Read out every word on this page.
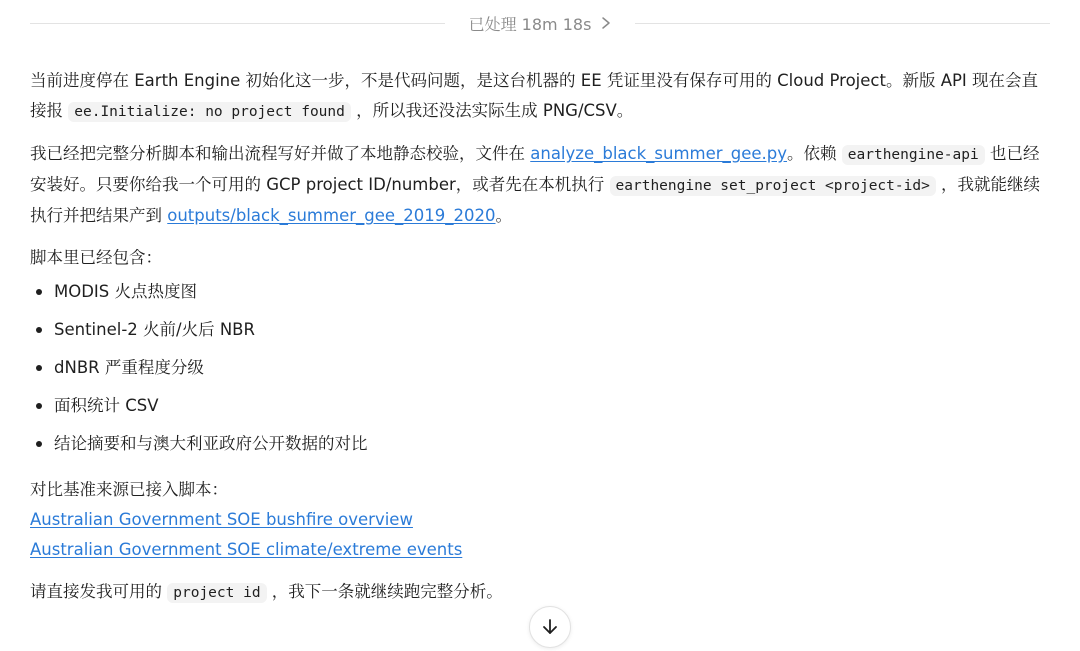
已处理 18m 18s

当前进度停在 Earth Engine 初始化这一步，不是代码问题，是这台机器的 EE 凭证里没有保存可用的 Cloud Project。新版 API 现在会直接报 ee.Initialize: no project found ，所以我还没法实际生成 PNG/CSV。

我已经把完整分析脚本和输出流程写好并做了本地静态校验，文件在 analyze_black_summer_gee.py。依赖 earthengine-api 也已经安装好。只要你给我一个可用的 GCP project ID/number，或者先在本机执行 earthengine set_project <project-id> ，我就能继续执行并把结果产到 outputs/black_summer_gee_2019_2020。

脚本里已经包含：

MODIS 火点热度图
Sentinel-2 火前/火后 NBR
dNBR 严重程度分级
面积统计 CSV
结论摘要和与澳大利亚政府公开数据的对比
对比基准来源已接入脚本：
Australian Government SOE bushfire overview
Australian Government SOE climate/extreme events

请直接发我可用的 project id ，我下一条就继续跑完整分析。
